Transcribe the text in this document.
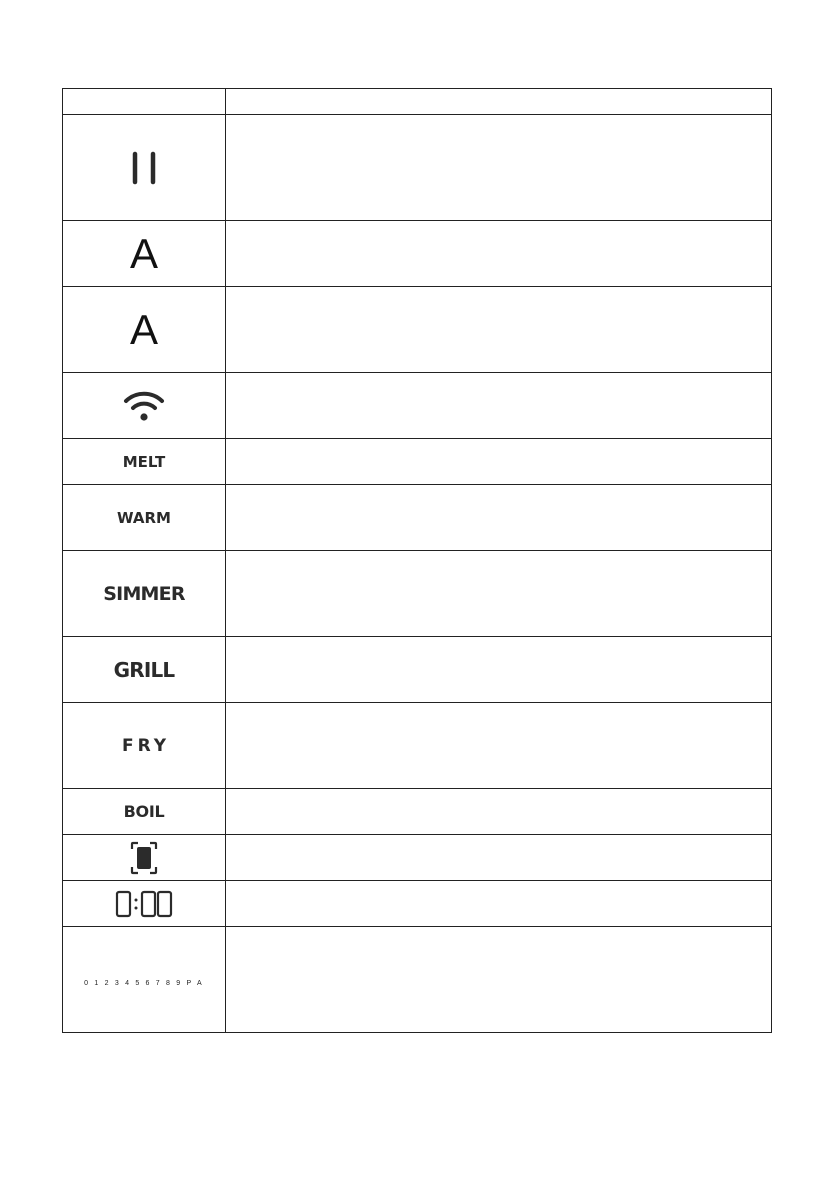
A	
A	

MELT	
WARM	
SIMMER	
GRILL	
FRY	
BOIL	

0:00	

0 1 2 3 4 5 6 7 8 9 P A	
